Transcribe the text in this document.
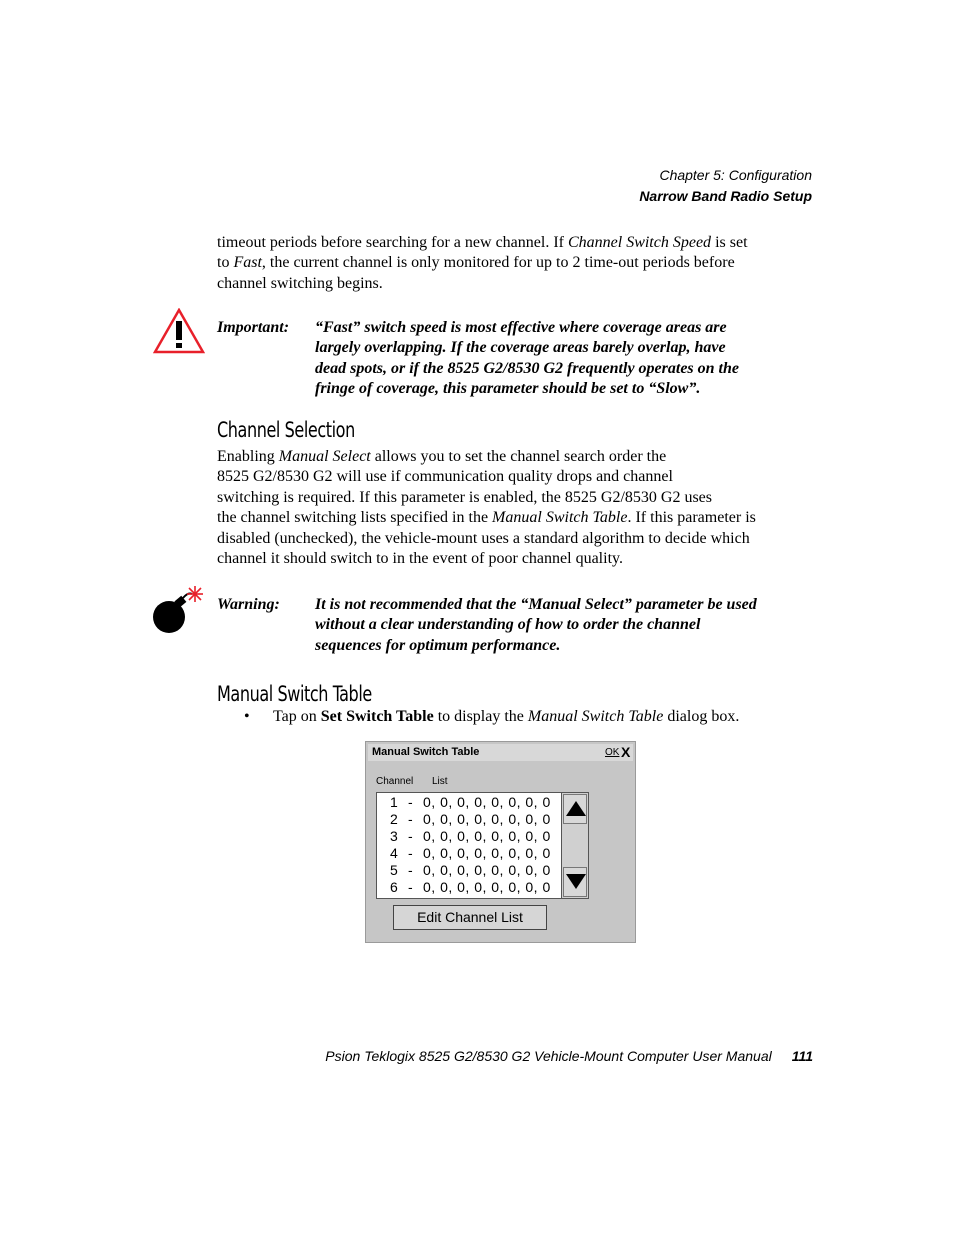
Chapter 5: Configuration
Narrow Band Radio Setup

timeout periods before searching for a new channel. If Channel Switch Speed is set

to Fast, the current channel is only monitored for up to 2 time-out periods before

channel switching begins.

Important: “Fast” switch speed is most effective where coverage areas are
largely overlapping. If the coverage areas barely overlap, have
dead spots, or if the 8525 G2/8530 G2 frequently operates on the
fringe of coverage, this parameter should be set to “Slow”.
Channel Selection

Enabling Manual Select allows you to set the channel search order the

8525 G2/8530 G2 will use if communication quality drops and channel

switching is required. If this parameter is enabled, the 8525 G2/8530 G2 uses

the channel switching lists specified in the Manual Switch Table. If this parameter is

disabled (unchecked), the vehicle-mount uses a standard algorithm to decide which

channel it should switch to in the event of poor channel quality.

Warning: It is not recommended that the “Manual Select” parameter be used
without a clear understanding of how to order the channel
sequences for optimum performance.
Manual Switch Table
• Tap on Set Switch Table to display the Manual Switch Table dialog box.
Manual Switch Table	OK X
Channel List
1 - 0, 0, 0, 0, 0, 0, 0, 0
2 - 0, 0, 0, 0, 0, 0, 0, 0
3 - 0, 0, 0, 0, 0, 0, 0, 0
4 - 0, 0, 0, 0, 0, 0, 0, 0
5 - 0, 0, 0, 0, 0, 0, 0, 0
6 - 0, 0, 0, 0, 0, 0, 0, 0
Edit Channel List
Psion Teklogix 8525 G2/8530 G2 Vehicle-Mount Computer User Manual 111
